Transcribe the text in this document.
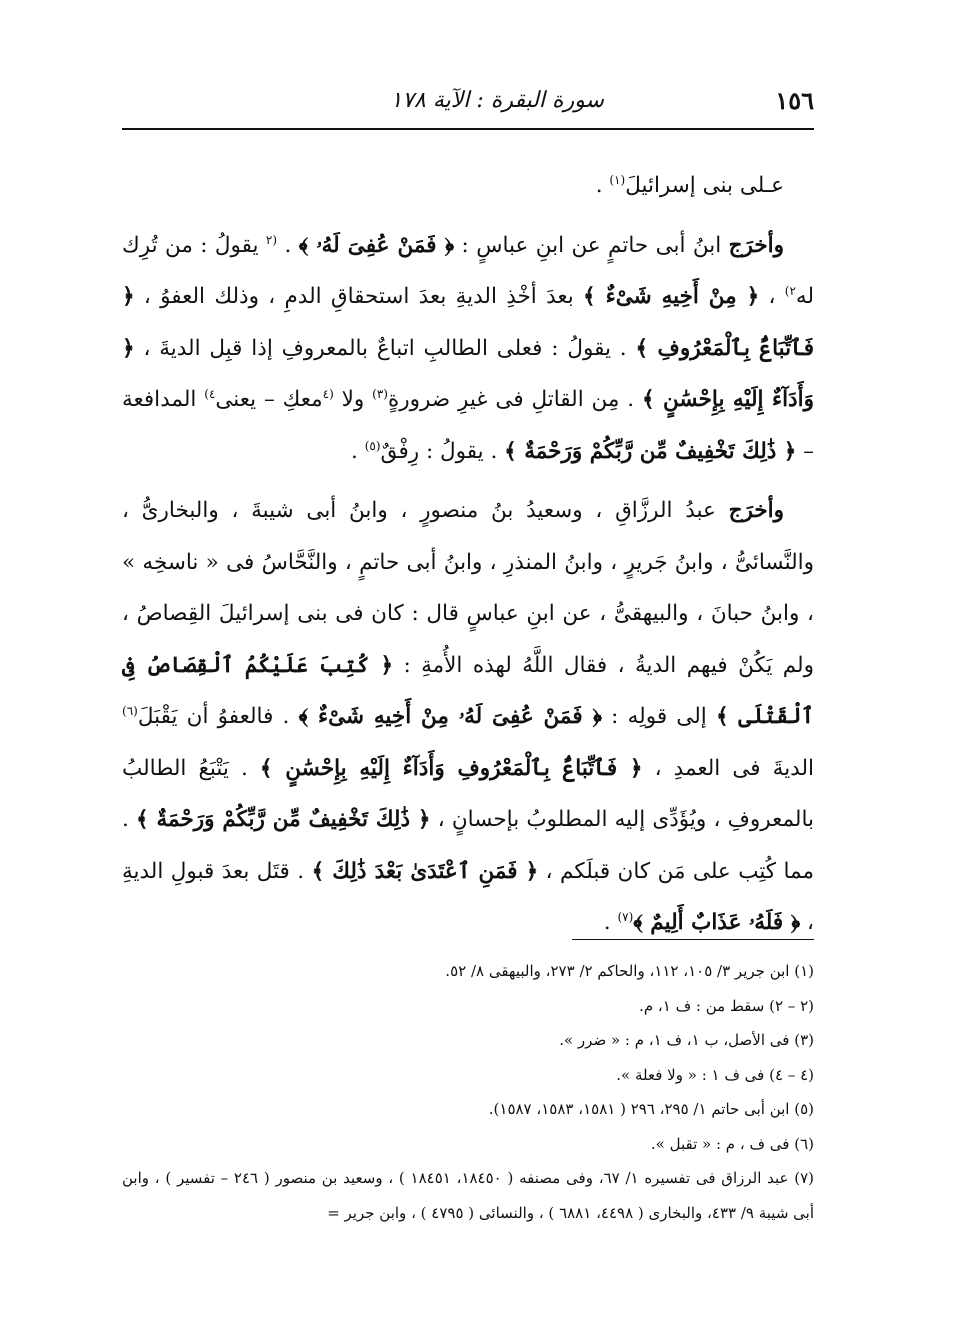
١٥٦
سورة البقرة : الآية ١٧٨

عـلى بنى إسرائيلَ$^{(١)}$ .

وأخرَج ابنُ أبى حاتمٍ عن ابنِ عباسٍ : ﴿ فَمَنْ عُفِىَ لَهُۥ ﴾ . $^{(٢}$ يقولُ : من تُرِك له$^{٢)}$ ، ﴿ مِنْ أَخِيهِ شَىْءٌ ﴾ بعدَ أخْذِ الديةِ بعدَ استحقاقِ الدمِ ، وذلك العفوُ ، ﴿ فَٱتِّبَاعٌۢ بِٱلْمَعْرُوفِ ﴾ . يقولُ : فعلى الطالبِ اتباعٌ بالمعروفِ إذا قبِل الديةَ ، ﴿ وَأَدَآءٌ إِلَيْهِ بِإِحْسَٰنٍ ﴾ . مِن القاتلِ فى غيرِ ضرورةٍ$^{(٣)}$ ولا $^{(٤}$معكِ – يعنى$^{٤)}$ المدافعة – ﴿ ذَٰلِكَ تَخْفِيفٌ مِّن رَّبِّكُمْ وَرَحْمَةٌ ﴾ . يقولُ : رِفْقٌ$^{(٥)}$ .

وأخرَج عبدُ الرزَّاقِ ، وسعيدُ بنُ منصورٍ ، وابنُ أبى شيبةَ ، والبخارىُّ ، والنَّسائىُّ ، وابنُ جَريرٍ ، وابنُ المنذرِ ، وابنُ أبى حاتمٍ ، والنَّحَّاسُ فى « ناسخِه » ، وابنُ حبانَ ، والبيهقىُّ ، عن ابنِ عباسٍ قال : كان فى بنى إسرائيلَ القِصاصُ ، ولم يَكُنْ فيهم الديةُ ، فقال اللَّهُ لهذه الأُمةِ : ﴿ كُتِبَ عَلَيْكُمُ ٱلْقِصَاصُ فِى ٱلْقَتْلَى ﴾ إلى قولِه : ﴿ فَمَنْ عُفِىَ لَهُۥ مِنْ أَخِيهِ شَىْءٌ ﴾ . فالعفوُ أن يَقْبَلَ$^{(٦)}$ الديةَ فى العمدِ ، ﴿ فَٱتِّبَاعٌۢ بِٱلْمَعْرُوفِ وَأَدَآءٌ إِلَيْهِ بِإِحْسَٰنٍ ﴾ . يَتْبَعُ الطالبُ بالمعروفِ ، ويُؤَدِّى إليه المطلوبُ بإحسانٍ ، ﴿ ذَٰلِكَ تَخْفِيفٌ مِّن رَّبِّكُمْ وَرَحْمَةٌ ﴾ . مما كُتِب على مَن كان قبلَكم ، ﴿ فَمَنِ ٱعْتَدَىٰ بَعْدَ ذَٰلِكَ ﴾ . قتَل بعدَ قبولِ الديةِ ، ﴿ فَلَهُۥ عَذَابٌ أَلِيمٌ ﴾$^{(٧)}$ .

(١) ابن جرير ٣/ ١٠٥، ١١٢، والحاكم ٢/ ٢٧٣، والبيهقى ٨/ ٥٢.

(٢ – ٢) سقط من : ف ١، م.

(٣) فى الأصل، ب ١، ف ١، م : « ضرر ».

(٤ – ٤) فى ف ١ : « ولا فعلة ».

(٥) ابن أبى حاتم ١/ ٢٩٥، ٢٩٦ ( ١٥٨١، ١٥٨٣، ١٥٨٧).

(٦) فى ف ، م : « تقبل ».

(٧) عبد الرزاق فى تفسيره ١/ ٦٧، وفى مصنفه ( ١٨٤٥٠، ١٨٤٥١ ) ، وسعيد بن منصور ( ٢٤٦ – تفسير ) ، وابن أبى شيبة ٩/ ٤٣٣، والبخارى ( ٤٤٩٨، ٦٨٨١ ) ، والنسائى ( ٤٧٩٥ ) ، وابن جرير =
